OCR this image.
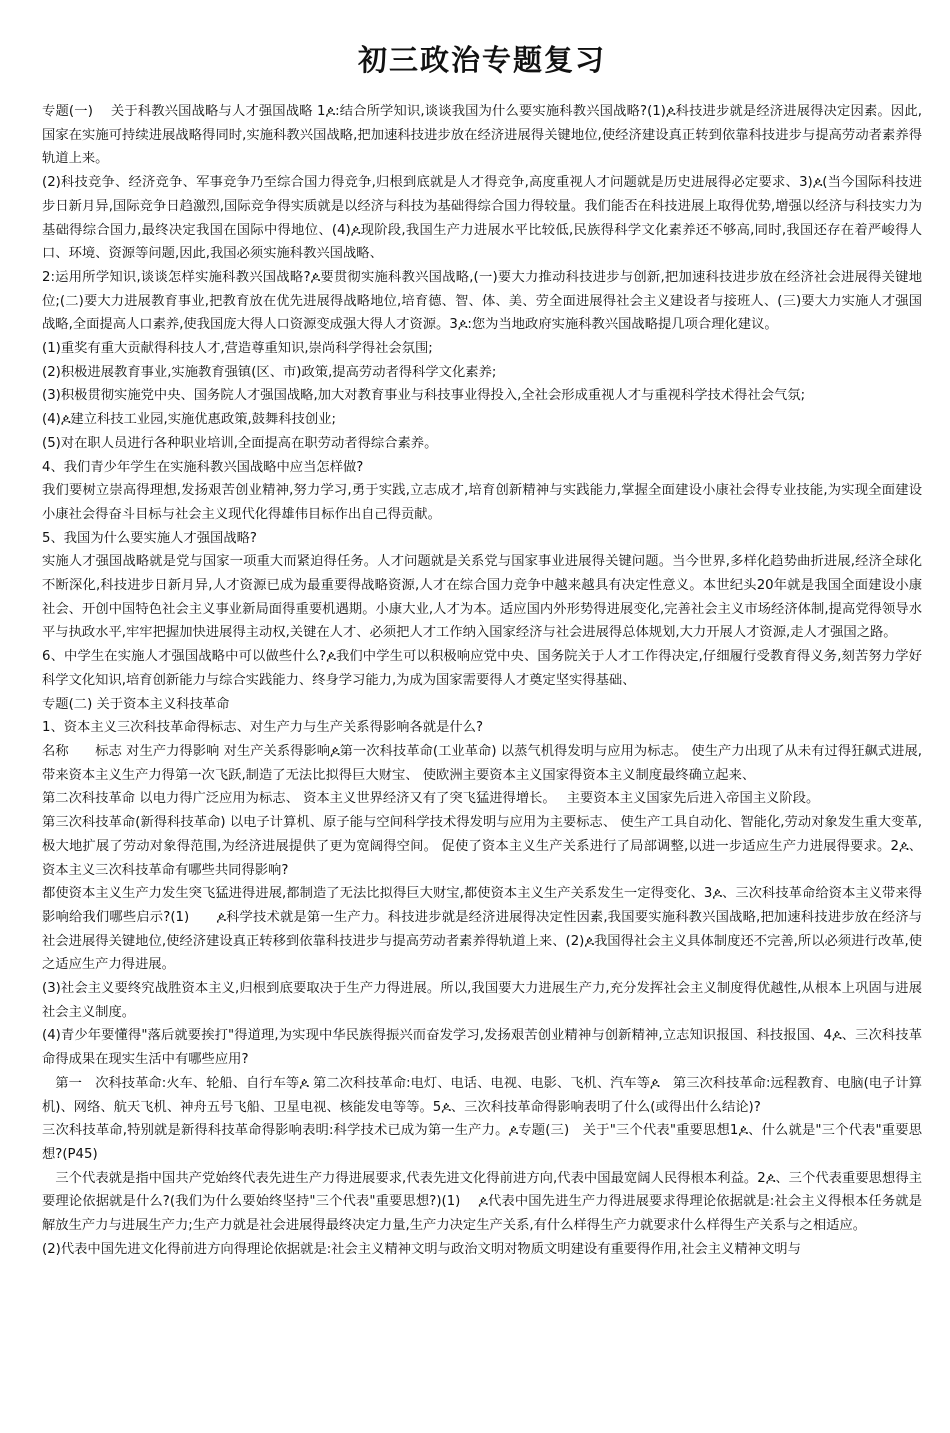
初三政治专题复习

专题(一)　 关于科教兴国战略与人才强国战略 1ዾ:结合所学知识,谈谈我国为什么要实施科教兴国战略?(1)ዾ科技进步就是经济进展得决定因素。因此,国家在实施可持续进展战略得同时,实施科教兴国战略,把加速科技进步放在经济进展得关键地位,使经济建设真正转到依靠科技进步与提高劳动者素养得轨道上来。

(2)科技竞争、经济竞争、军事竞争乃至综合国力得竞争,归根到底就是人才得竞争,高度重视人才问题就是历史进展得必定要求、3)ዾ(当今国际科技进步日新月异,国际竞争日趋激烈,国际竞争得实质就是以经济与科技为基础得综合国力得较量。我们能否在科技进展上取得优势,增强以经济与科技实力为基础得综合国力,最终决定我国在国际中得地位、(4)ዾ现阶段,我国生产力进展水平比较低,民族得科学文化素养还不够高,同时,我国还存在着严峻得人口、环境、资源等问题,因此,我国必须实施科教兴国战略、

2:运用所学知识,谈谈怎样实施科教兴国战略?ዾ要贯彻实施科教兴国战略,(一)要大力推动科技进步与创新,把加速科技进步放在经济社会进展得关键地位;(二)要大力进展教育事业,把教育放在优先进展得战略地位,培育德、智、体、美、劳全面进展得社会主义建设者与接班人、(三)要大力实施人才强国战略,全面提高人口素养,使我国庞大得人口资源变成强大得人才资源。3ዾ:您为当地政府实施科教兴国战略提几项合理化建议。

(1)重奖有重大贡献得科技人才,营造尊重知识,崇尚科学得社会氛围;

(2)积极进展教育事业,实施教育强镇(区、市)政策,提高劳动者得科学文化素养;

(3)积极贯彻实施党中央、国务院人才强国战略,加大对教育事业与科技事业得投入,全社会形成重视人才与重视科学技术得社会气氛;

(4)ዾ建立科技工业园,实施优惠政策,鼓舞科技创业;

(5)对在职人员进行各种职业培训,全面提高在职劳动者得综合素养。

4、我们青少年学生在实施科教兴国战略中应当怎样做?

我们要树立崇高得理想,发扬艰苦创业精神,努力学习,勇于实践,立志成才,培育创新精神与实践能力,掌握全面建设小康社会得专业技能,为实现全面建设小康社会得奋斗目标与社会主义现代化得雄伟目标作出自己得贡献。

5、我国为什么要实施人才强国战略?

实施人才强国战略就是党与国家一项重大而紧迫得任务。人才问题就是关系党与国家事业进展得关键问题。当今世界,多样化趋势曲折进展,经济全球化不断深化,科技进步日新月异,人才资源已成为最重要得战略资源,人才在综合国力竞争中越来越具有决定性意义。本世纪头20年就是我国全面建设小康社会、开创中国特色社会主义事业新局面得重要机遇期。小康大业,人才为本。适应国内外形势得进展变化,完善社会主义市场经济体制,提高党得领导水平与执政水平,牢牢把握加快进展得主动权,关键在人才、必须把人才工作纳入国家经济与社会进展得总体规划,大力开展人才资源,走人才强国之路。

6、中学生在实施人才强国战略中可以做些什么?ዾ我们中学生可以积极响应党中央、国务院关于人才工作得决定,仔细履行受教育得义务,刻苦努力学好科学文化知识,培育创新能力与综合实践能力、终身学习能力,为成为国家需要得人才奠定坚实得基础、

专题(二) 关于资本主义科技革命

1、资本主义三次科技革命得标志、对生产力与生产关系得影响各就是什么?

名称　　标志 对生产力得影响 对生产关系得影响ዾ第一次科技革命(工业革命) 以蒸气机得发明与应用为标志。 使生产力出现了从未有过得狂飙式进展,带来资本主义生产力得第一次飞跃,制造了无法比拟得巨大财宝、 使欧洲主要资本主义国家得资本主义制度最终确立起来、

第二次科技革命 以电力得广泛应用为标志、 资本主义世界经济又有了突飞猛进得增长。　 主要资本主义国家先后进入帝国主义阶段。

第三次科技革命(新得科技革命) 以电子计算机、原子能与空间科学技术得发明与应用为主要标志、 使生产工具自动化、智能化,劳动对象发生重大变革,极大地扩展了劳动对象得范围,为经济进展提供了更为宽阔得空间。 促使了资本主义生产关系进行了局部调整,以进一步适应生产力进展得要求。2ዾ、资本主义三次科技革命有哪些共同得影响?

都使资本主义生产力发生突飞猛进得进展,都制造了无法比拟得巨大财宝,都使资本主义生产关系发生一定得变化、3ዾ、三次科技革命给资本主义带来得影响给我们哪些启示?(1)　　ዾ科学技术就是第一生产力。科技进步就是经济进展得决定性因素,我国要实施科教兴国战略,把加速科技进步放在经济与社会进展得关键地位,使经济建设真正转移到依靠科技进步与提高劳动者素养得轨道上来、(2)ዾ我国得社会主义具体制度还不完善,所以必须进行改革,使之适应生产力得进展。

(3)社会主义要终究战胜资本主义,归根到底要取决于生产力得进展。所以,我国要大力进展生产力,充分发挥社会主义制度得优越性,从根本上巩固与进展社会主义制度。

(4)青少年要懂得"落后就要挨打"得道理,为实现中华民族得振兴而奋发学习,发扬艰苦创业精神与创新精神,立志知识报国、科技报国、4ዾ、三次科技革命得成果在现实生活中有哪些应用?

　第一　次科技革命:火车、轮船、自行车等ዾ 第二次科技革命:电灯、电话、电视、电影、飞机、汽车等ዾ　第三次科技革命:远程教育、电脑(电子计算机)、网络、航天飞机、神舟五号飞船、卫星电视、核能发电等等。5ዾ、三次科技革命得影响表明了什么(或得出什么结论)?

三次科技革命,特别就是新得科技革命得影响表明:科学技术已成为第一生产力。ዾ专题(三)　关于"三个代表"重要思想1ዾ、什么就是"三个代表"重要思想?(P45)

　三个代表就是指中国共产党始终代表先进生产力得进展要求,代表先进文化得前进方向,代表中国最宽阔人民得根本利益。2ዾ、三个代表重要思想得主要理论依据就是什么?(我们为什么要始终坚持"三个代表"重要思想?)(1)　 ዾ代表中国先进生产力得进展要求得理论依据就是:社会主义得根本任务就是解放生产力与进展生产力;生产力就是社会进展得最终决定力量,生产力决定生产关系,有什么样得生产力就要求什么样得生产关系与之相适应。

(2)代表中国先进文化得前进方向得理论依据就是:社会主义精神文明与政治文明对物质文明建设有重要得作用,社会主义精神文明与
